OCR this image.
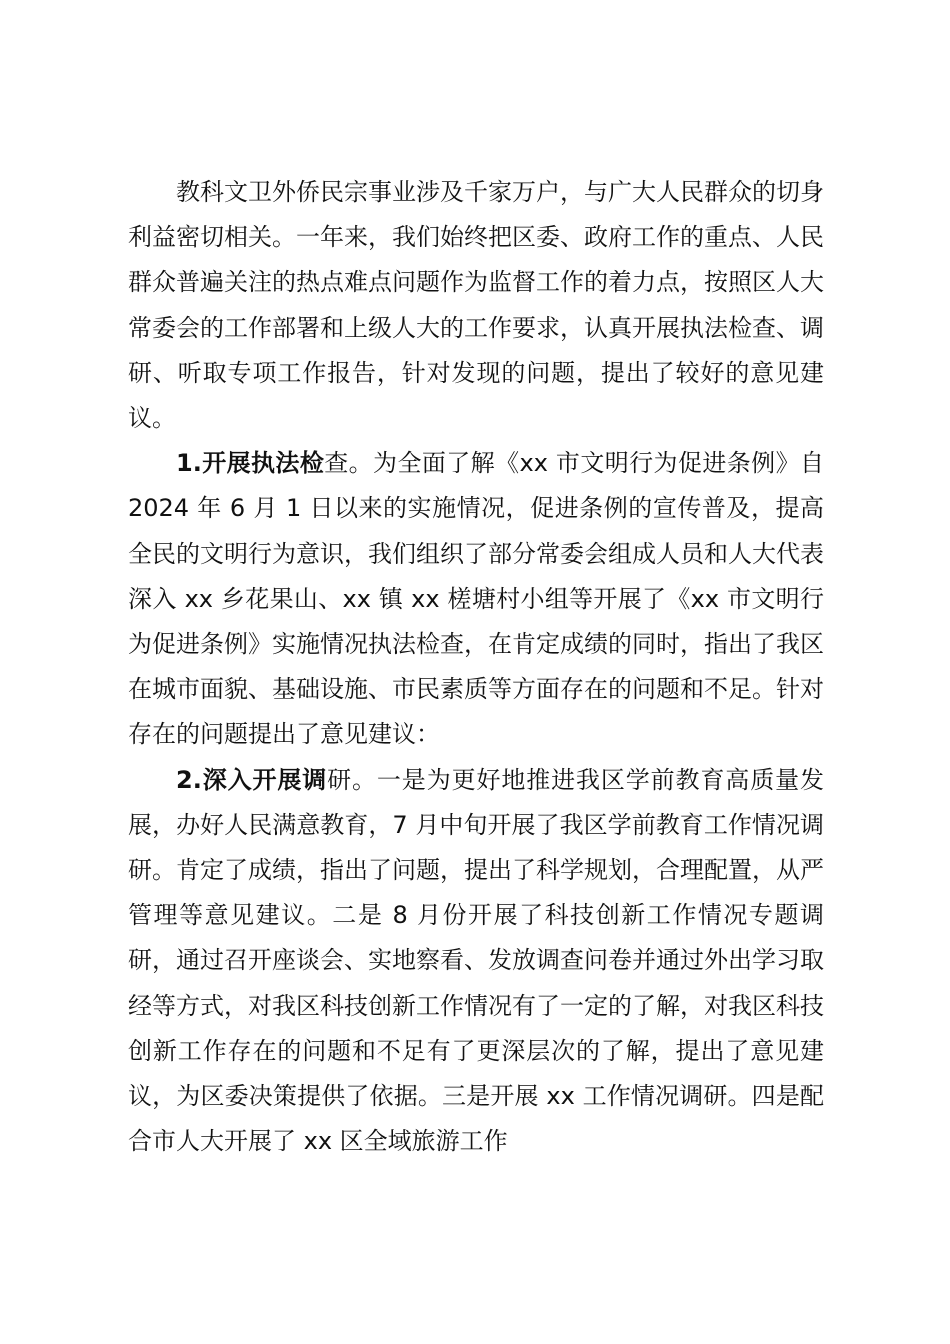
教科文卫外侨民宗事业涉及千家万户，与广大人民群众的切身利益密切相关。一年来，我们始终把区委、政府工作的重点、人民群众普遍关注的热点难点问题作为监督工作的着力点，按照区人大常委会的工作部署和上级人大的工作要求，认真开展执法检查、调研、听取专项工作报告，针对发现的问题，提出了较好的意见建议。

1.开展执法检查。为全面了解《xx 市文明行为促进条例》自 2024 年 6 月 1 日以来的实施情况，促进条例的宣传普及，提高全民的文明行为意识，我们组织了部分常委会组成人员和人大代表深入 xx 乡花果山、xx 镇 xx 槎塘村小组等开展了《xx 市文明行为促进条例》实施情况执法检查，在肯定成绩的同时，指出了我区在城市面貌、基础设施、市民素质等方面存在的问题和不足。针对存在的问题提出了意见建议：

2.深入开展调研。一是为更好地推进我区学前教育高质量发展，办好人民满意教育，7 月中旬开展了我区学前教育工作情况调研。肯定了成绩，指出了问题，提出了科学规划，合理配置，从严管理等意见建议。二是 8 月份开展了科技创新工作情况专题调研，通过召开座谈会、实地察看、发放调查问卷并通过外出学习取经等方式，对我区科技创新工作情况有了一定的了解，对我区科技创新工作存在的问题和不足有了更深层次的了解，提出了意见建议，为区委决策提供了依据。三是开展 xx 工作情况调研。四是配合市人大开展了 xx 区全域旅游工作
